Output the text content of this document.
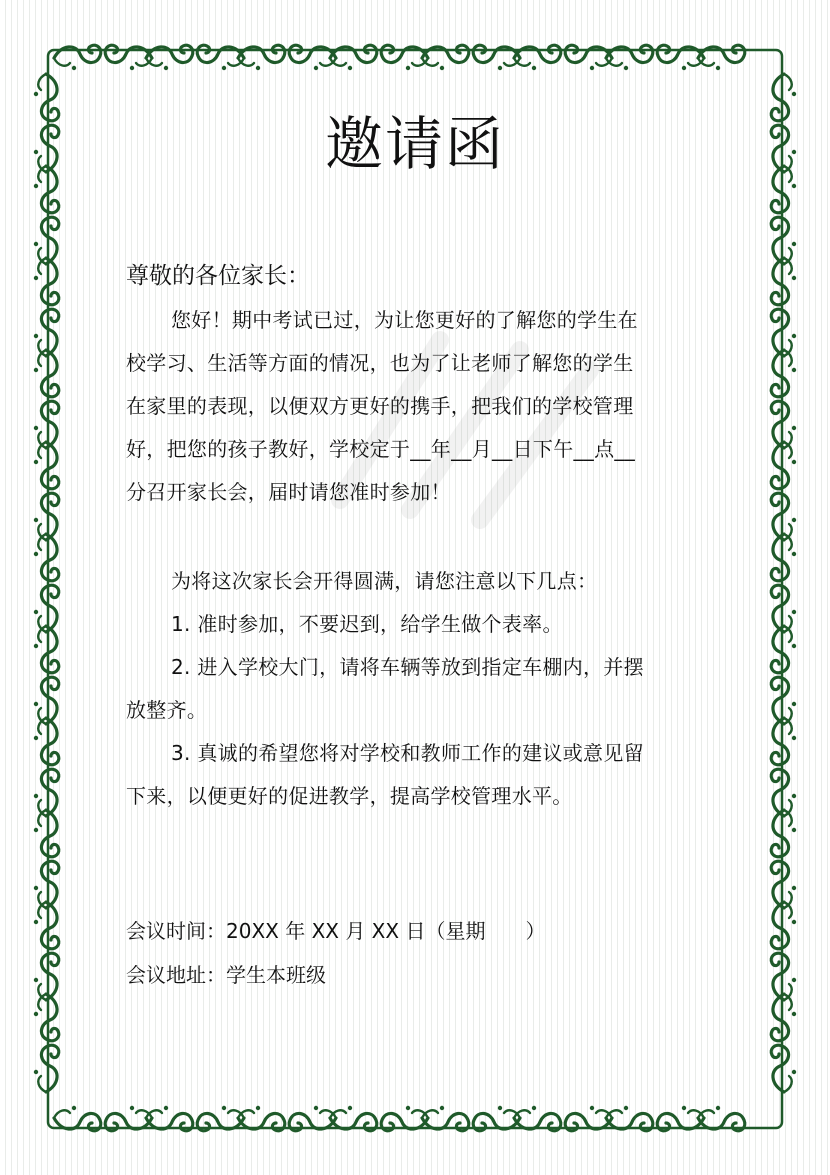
邀请函
尊敬的各位家长：
您好！期中考试已过，为让您更好的了解您的学生在
校学习、生活等方面的情况，也为了让老师了解您的学生
在家里的表现，以便双方更好的携手，把我们的学校管理
好，把您的孩子教好，学校定于__年__月__日下午__点__
分召开家长会，届时请您准时参加！
为将这次家长会开得圆满，请您注意以下几点：
1. 准时参加，不要迟到，给学生做个表率。
2. 进入学校大门，请将车辆等放到指定车棚内，并摆
放整齐。
3. 真诚的希望您将对学校和教师工作的建议或意见留
下来，以便更好的促进教学，提高学校管理水平。
会议时间：20XX 年 XX 月 XX 日（星期　　）
会议地址：学生本班级
